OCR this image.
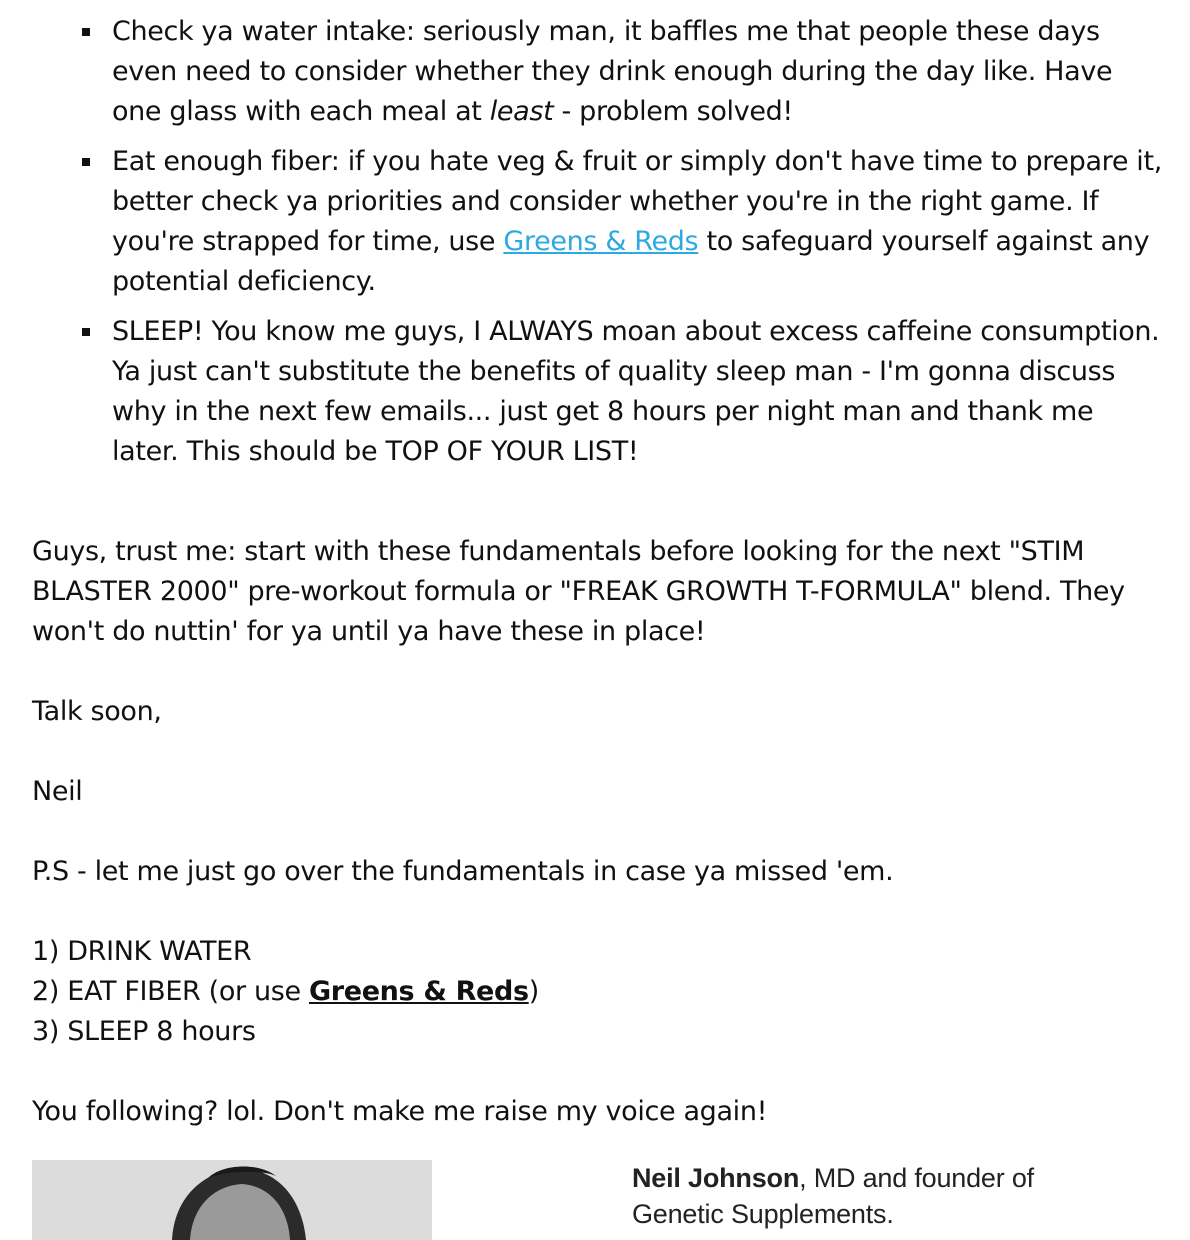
Check ya water intake: seriously man, it baffles me that people these days even need to consider whether they drink enough during the day like. Have one glass with each meal at least - problem solved!
Eat enough fiber: if you hate veg & fruit or simply don't have time to prepare it, better check ya priorities and consider whether you're in the right game. If you're strapped for time, use Greens & Reds to safeguard yourself against any potential deficiency.
SLEEP! You know me guys, I ALWAYS moan about excess caffeine consumption. Ya just can't substitute the benefits of quality sleep man - I'm gonna discuss why in the next few emails... just get 8 hours per night man and thank me later. This should be TOP OF YOUR LIST!

Guys, trust me: start with these fundamentals before looking for the next "STIM BLASTER 2000" pre-workout formula or "FREAK GROWTH T-FORMULA" blend. They won't do nuttin' for ya until ya have these in place!

Talk soon,

Neil

P.S - let me just go over the fundamentals in case ya missed 'em.

1) DRINK WATER

2) EAT FIBER (or use Greens & Reds)

3) SLEEP 8 hours

You following? lol. Don't make me raise my voice again!

Neil Johnson, MD and founder of
Genetic Supplements.
